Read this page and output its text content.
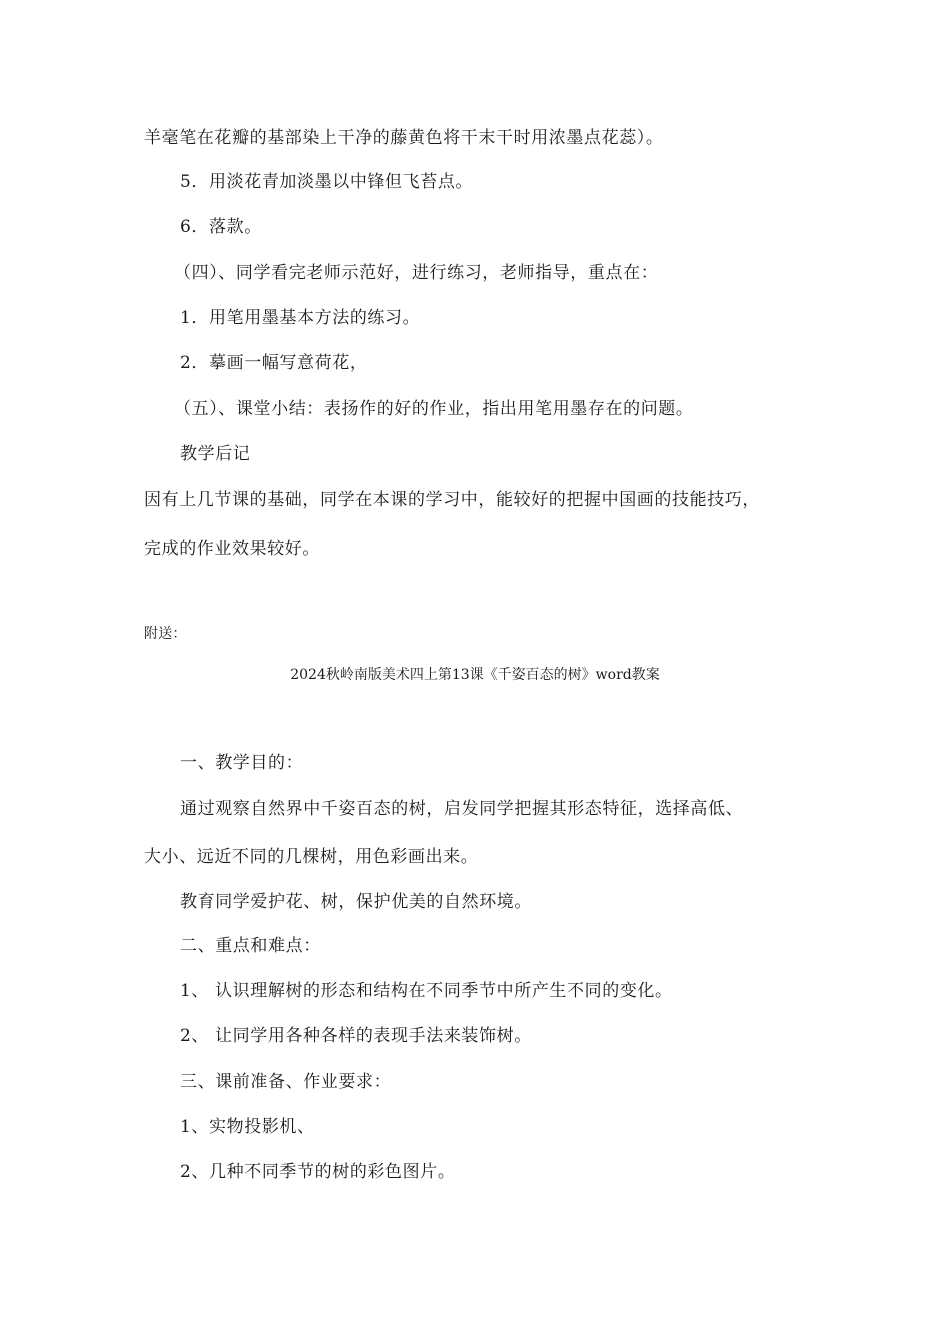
羊毫笔在花瓣的基部染上干净的藤黄色将干末干时用浓墨点花蕊）。
5．用淡花青加淡墨以中锋但飞苔点。
6．落款。
（四）、同学看完老师示范好，进行练习，老师指导，重点在：
1．用笔用墨基本方法的练习。
2．摹画一幅写意荷花，
（五）、课堂小结：表扬作的好的作业，指出用笔用墨存在的问题。
教学后记
因有上几节课的基础，同学在本课的学习中，能较好的把握中国画的技能技巧，
完成的作业效果较好。
附送：
2024秋岭南版美术四上第13课《千姿百态的树》word教案
一、教学目的：
通过观察自然界中千姿百态的树，启发同学把握其形态特征，选择高低、
大小、远近不同的几棵树，用色彩画出来。
教育同学爱护花、树，保护优美的自然环境。
二、重点和难点：
1、 认识理解树的形态和结构在不同季节中所产生不同的变化。
2、 让同学用各种各样的表现手法来装饰树。
三、课前准备、作业要求：
1、实物投影机、
2、几种不同季节的树的彩色图片。
